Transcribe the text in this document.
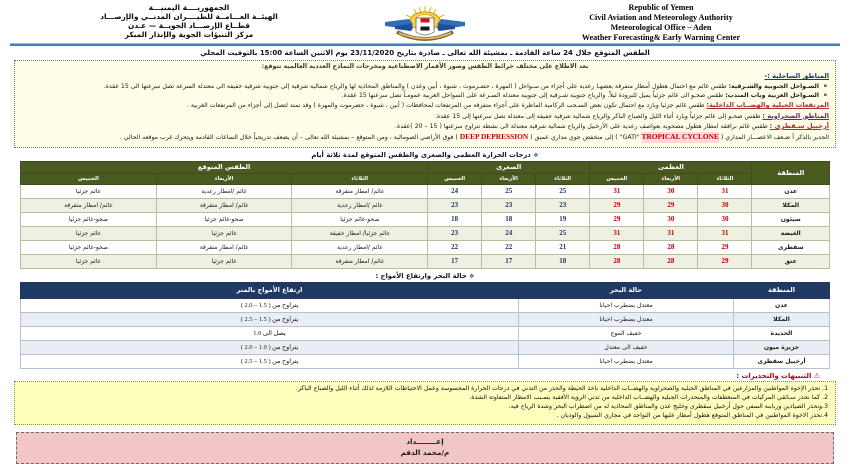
الجمهوريــــة اليمنيـــة
الهيئــة العـــامــة للطيــــران المدنــي والإرصـــاد
قطــاع الإرصـــاد الجويــة — عـدن
مركز التنبؤات الجوية والإنذار المبكر
Republic of Yemen
Civil Aviation and Meteorology Authority
Meteorological Office – Aden
Weather Forecasting& Early Warning Center
الطقس المتوقع خلال 24 ساعة القادمة ـ بمشيئة الله تعالى ـ صادرة بتاريخ 23/11/2020 يوم الاثنين الساعة 15:00 بالتوقيت المحلي

بعد الاطلاع على مختلف خرائط الطقس وصور الأقمار الاصطناعية ومخرجات النماذج العددية العالمية نتوقع:

المناطق الساحلية :-

▪ السـواحل الجنوبية والشـرقية: طقس غائم مع احتمال هطول أمطار متفرقة بعضهـا رعدية على أجزاء من سـواحل ( المهرة ، حضـرموت ، شبوة ، أبين وعدن ) والمناطق المحاذية لها والرياح شمالية شرقية إلى جنوبية شرقية خفيفة الى معتدلة السرعة تصل سرعتها الى 15 عقدة.

▪ السـواحل الغربية وباب المندب: طقس صحـو الى غائم جزئياً يميل للبرودة ليلاً. والرياح جنوبية شـرقية إلى جنوبية معتدلة السـرعة على السواحل الغربية عمومـاً تصل سرعتها 15 عقدة.

المرتفعات الجبلية والهضــاب الداخلية: طقس غائم جزئيا وبارد مع احتمال تكون بعض السـحب الركامية الماطرة على أجزاء متفرقة من المرتفعات لمحافظات ( أبين ، شبوة ، حضرموت والمهرة ) وقد تمتد لتصل إلى أجزاء من المرتفعات الغربية .

المناطق الصحراوية : طقس صحـو إلى غائم جزئياً وبارد أثناء الليل والصباح الباكر والرياح شمالية شرقية خفيفة إلى معتدلة تصل سرعتها إلى 15 عقدة.

أرخبيل سـقطرى : طقس غائم برافقه امطار هطول مصحوبة بعواصف رعدية على الأرخبيل والرياح شمالية شرقية معتدلة الى نشطة تتراوح سرعتها ( 15 – 20 )عقدة.

الجدير بالذكر أ ضـعف الاعصـــار المداري ( TROPICAL CYCLONE "GATI" ) إلى منخفض جوي مداري عميق ( DEEP DEPRESSION ) فوق الأراضي الصومالية ، ومن المتوقع – بمشيئة الله تعالى – أن يضعف تدريجياً خلال الساعات القادمة ويتحرك غرب موقعه الحالي .

❖ درجات الحرارة العظمى والصغرى والطقس المتوقع لمدة ثلاثة أيام
المنطقة	العظمى			الصغرى			الطقس المتوقع		
	الثلاثاء	الأربعاء	الخميس	الثلاثاء	الأربعاء	الخميس	الثلاثاء	الأربعاء	الخميس
عدن	31	30	31	25	25	24	غائم/ امطار متفرقة	غائم /امطار رعدية	غائم جزئيا
المكلا	30	29	29	23	23	23	غائم /امطار رعدية	غائم/ امطار متفرقة	غائم/ امطار متفرقة
سيئون	30	30	29	19	18	18	صحو-غائم جزئيا	صحو-غائم جزئيا	صحو-غائم جزئيا
الغيضة	31	31	31	25	24	23	غائم جزئيا/ امطار خفيفة	غائم جزئيا	غائم جزئيا
سقطرى	29	28	28	21	22	22	غائم /امطار رعدية	غائم/ امطار متفرقة	صحو-غائم جزئيا
عتق	29	28	28	18	17	17	غائم/ امطار متفرقة	غائم جزئيا	غائم جزئيا
❖ حالة البحر وارتفاع الأمواج :
المنطقة	حالة البحر	ارتفاع الأمواج بالمتر
عدن	معتدل يضطرب احيانا	يتراوح من ( 1.5 – 2.0 )
المكلا	معتدل يضطرب احيانا	يتراوح من ( 1.5 – 2.5 )
الحديدة	خفيف الموج	يصل الى 1.0
جزيرة ميون	خفيف الى معتدل	يتراوح من ( 1.0 – 2.0 )
أرخبيل سقطرى	معتدل يضطرب احيانا	يتراوح من ( 1.5 – 2.5 )
⚠ التنبيهات والتحذيرات :
1. تحذر الإخوة المواطنين والمزارعين في المناطق الجبلية والصحراوية والهضــاب الداخلية باخذ الحيطة والحذر من التدني في درجات الحرارة المحسوسة وعمل الاحتياطات اللازمة لذلك أثناء الليل والصباح الباكر.
2. كما نحذر سـائقي المركبات في المنعطفات والمنحدرات الجبلية والهضــاب الداخلية من تدني الرؤية الأفقية بسـبب الامطار المتفاوتة الشدة.
3.ونحذر الصيادين وربابنة السفن حول أرخبيل سقطرى وخليج عدن والمناطق المحاذية له من اضطراب البحر وشدة الرياح فيه.
4.نحذر الاخوة المواطنين في المناطق المتوقع هطول أمطار عليها من التواجد في مجاري السيول والوديان .
إعــــــــداد
م/محمد الدقم
